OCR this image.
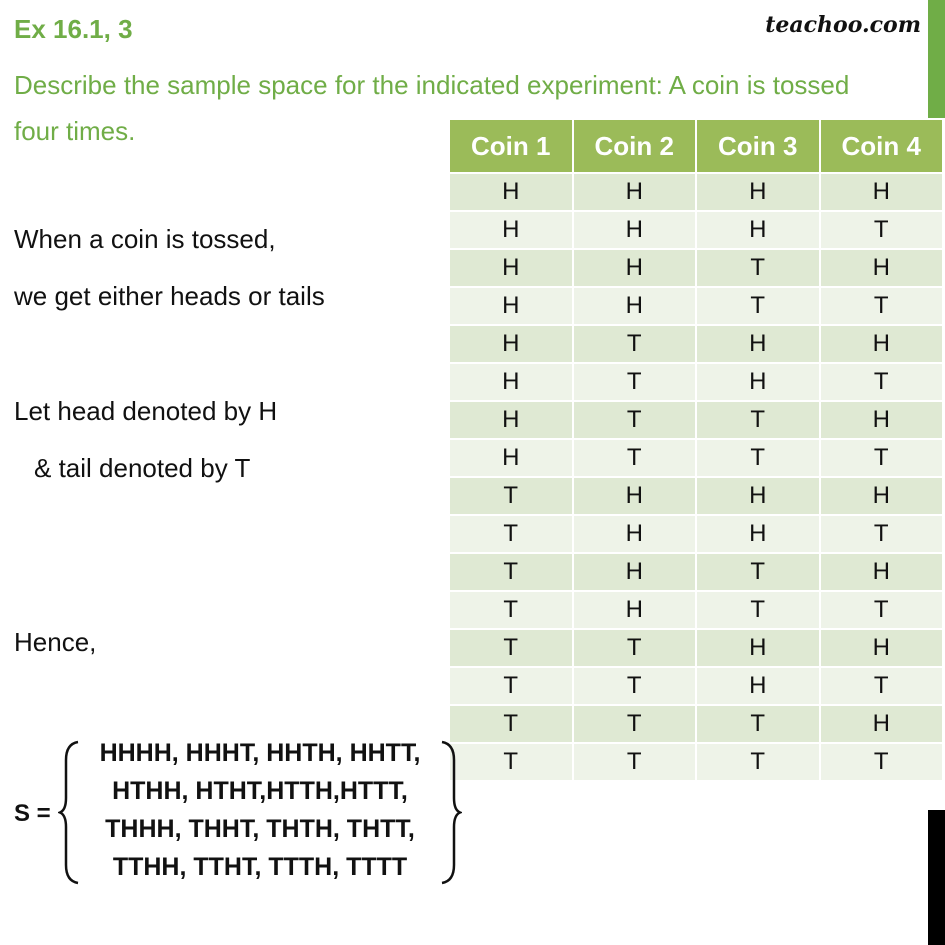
Ex 16.1, 3	teachoo.com
Describe the sample space for the indicated experiment: A coin is tossed four times.
When a coin is tossed,
we get either heads or tails
Let head denoted by H
& tail denoted by T
Hence,
Coin 1	Coin 2	Coin 3	Coin 4
H	H	H	H
H	H	H	T
H	H	T	H
H	H	T	T
H	T	H	H
H	T	H	T
H	T	T	H
H	T	T	T
T	H	H	H
T	H	H	T
T	H	T	H
T	H	T	T
T	T	H	H
T	T	H	T
T	T	T	H
T	T	T	T
S =
HHHH, HHHT, HHTH, HHTT,
HTHH, HTHT,HTTH,HTTT,
THHH, THHT, THTH, THTT,
TTHH, TTHT, TTTH, TTTT
